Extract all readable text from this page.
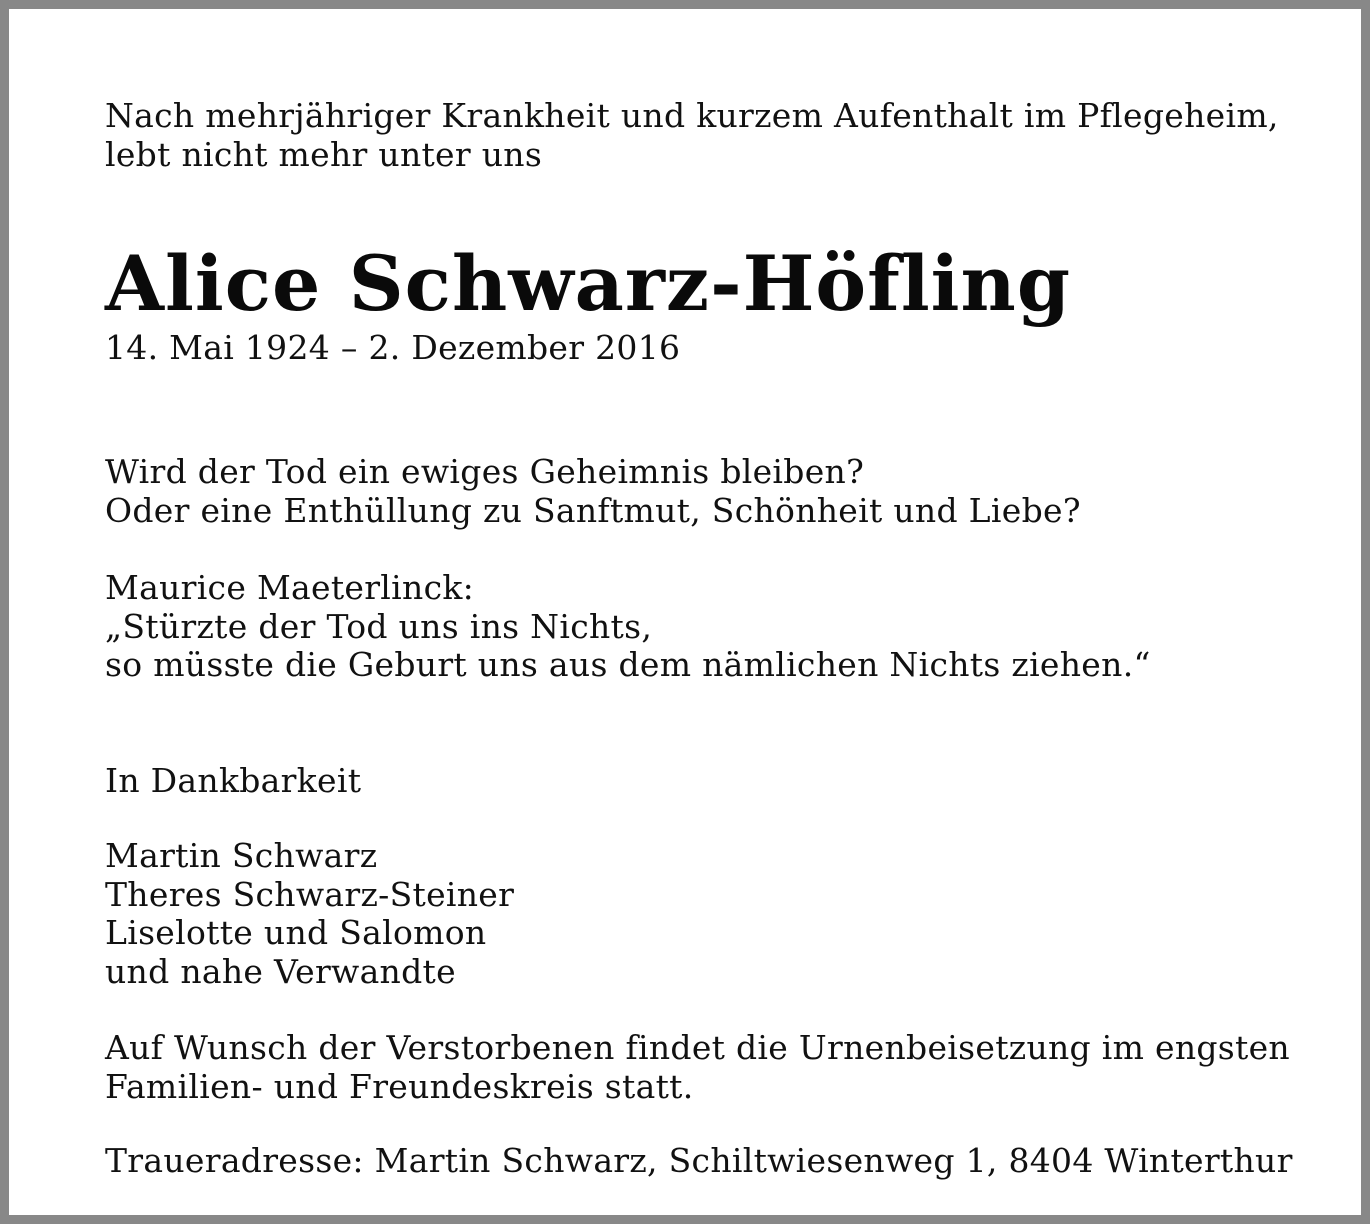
Nach mehrjähriger Krankheit und kurzem Aufenthalt im Pflegeheim,
lebt nicht mehr unter uns
Alice Schwarz-Höfling
14. Mai 1924 – 2. Dezember 2016
Wird der Tod ein ewiges Geheimnis bleiben?
Oder eine Enthüllung zu Sanftmut, Schönheit und Liebe?
Maurice Maeterlinck:
„Stürzte der Tod uns ins Nichts,
so müsste die Geburt uns aus dem nämlichen Nichts ziehen.“
In Dankbarkeit
Martin Schwarz
Theres Schwarz-Steiner
Liselotte und Salomon
und nahe Verwandte
Auf Wunsch der Verstorbenen findet die Urnenbeisetzung im engsten
Familien- und Freundeskreis statt.
Traueradresse: Martin Schwarz, Schiltwiesenweg 1, 8404 Winterthur
